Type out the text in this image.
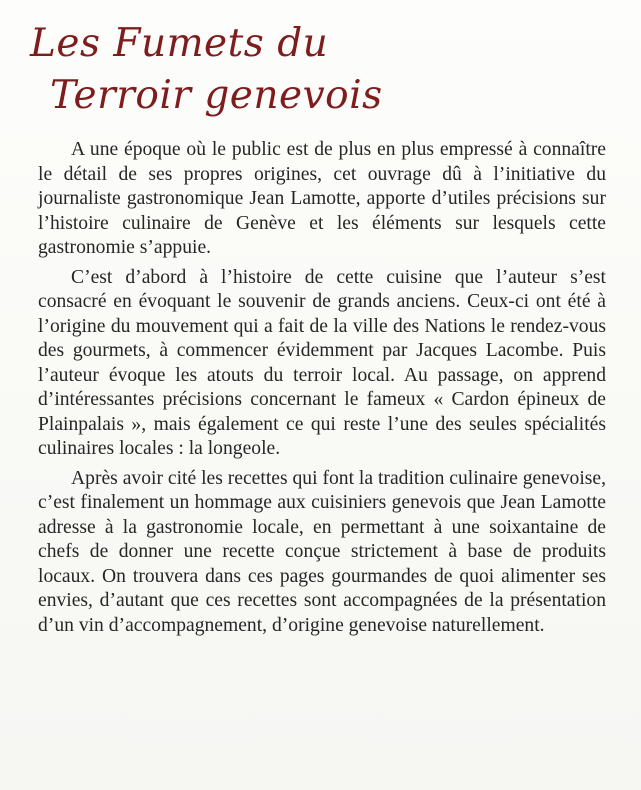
Les Fumets du
Terroir genevois

A une époque où le public est de plus en plus empressé à connaître le détail de ses propres origines, cet ouvrage dû à l’initiative du journaliste gastronomique Jean Lamotte, apporte d’utiles précisions sur l’histoire culinaire de Genève et les éléments sur lesquels cette gastronomie s’appuie.

C’est d’abord à l’histoire de cette cuisine que l’auteur s’est consacré en évoquant le souvenir de grands anciens. Ceux-ci ont été à l’origine du mouvement qui a fait de la ville des Nations le rendez-vous des gourmets, à commencer évidemment par Jacques Lacombe. Puis l’auteur évoque les atouts du terroir local. Au passage, on apprend d’intéressantes précisions concernant le fameux « Cardon épineux de Plainpalais », mais également ce qui reste l’une des seules spécialités culinaires locales : la longeole.

Après avoir cité les recettes qui font la tradition culinaire genevoise, c’est finalement un hommage aux cuisiniers genevois que Jean Lamotte adresse à la gastronomie locale, en permettant à une soixantaine de chefs de donner une recette conçue strictement à base de produits locaux. On trouvera dans ces pages gourmandes de quoi alimenter ses envies, d’autant que ces recettes sont accompagnées de la présentation d’un vin d’accompagnement, d’origine genevoise naturellement.
